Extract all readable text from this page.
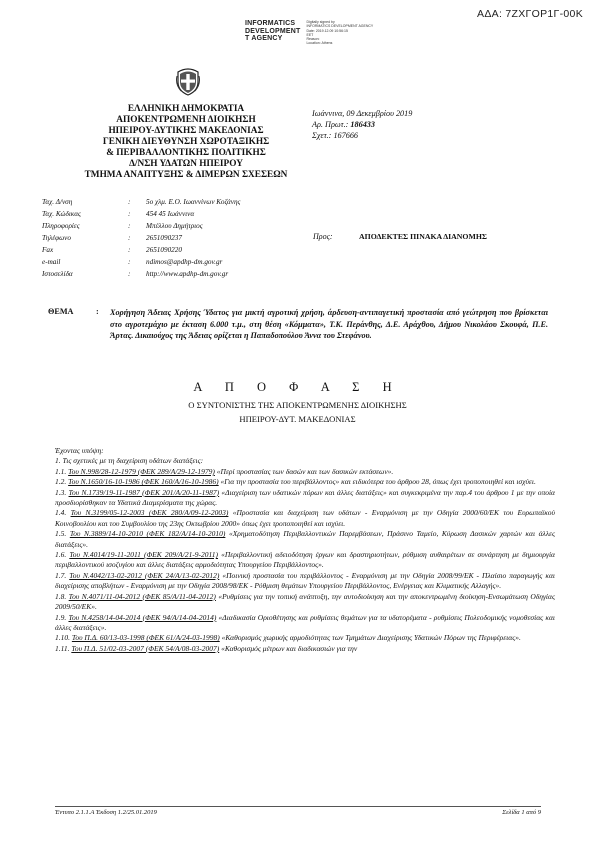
ΑΔΑ: 7ΖΧΓΟΡ1Γ-00Κ
INFORMATICS
DEVELOPMENT
T AGENCY
Digitally signed by
INFORMATICS DEVELOPMENT AGENCY
Date: 2019.12.09 10:56:15
EET
Reason:
Location: Athens
ΕΛΛΗΝΙΚΗ ΔΗΜΟΚΡΑΤΙΑ
ΑΠΟΚΕΝΤΡΩΜΕΝΗ ΔΙΟΙΚΗΣΗ
ΗΠΕΙΡΟΥ-ΔΥΤΙΚΗΣ ΜΑΚΕΔΟΝΙΑΣ
ΓΕΝΙΚΗ ΔΙΕΥΘΥΝΣΗ ΧΩΡΟΤΑΞΙΚΗΣ
& ΠΕΡΙΒΑΛΛΟΝΤΙΚΗΣ ΠΟΛΙΤΙΚΗΣ
Δ/ΝΣΗ ΥΔΑΤΩΝ ΗΠΕΙΡΟΥ
ΤΜΗΜΑ ΑΝΑΠΤΥΞΗΣ & ΔΙΜΕΡΩΝ ΣΧΕΣΕΩΝ
Ιωάννινα, 09 Δεκεμβρίου 2019
Αρ. Πρωτ.: 186433
Σχετ.: 167666
Ταχ. Δ/νση	:	5ο χλμ. Ε.Ο. Ιωαννίνων Κοζάνης
Ταχ. Κώδικας	:	454 45 Ιωάννινα
Πληροφορίες	:	Μπέλλου Δημήτριος
Τηλέφωνο	:	2651090237
Fax	:	2651090220
e-mail	:	ndimos@apdhp-dm.gov.gr
Ιστοσελίδα	:	http://www.apdhp-dm.gov.gr
Προς:	ΑΠΟΔΕΚΤΕΣ ΠΙΝΑΚΑ ΔΙΑΝΟΜΗΣ
ΘΕΜΑ	: Χορήγηση Άδειας Χρήσης Ύδατος για μικτή αγροτική χρήση, άρδευση-αντιπαγετική προστασία από γεώτρηση που βρίσκεται στο αγροτεμάχιο με έκταση 6.000 τ.μ., στη θέση «Κόμματα», Τ.Κ. Περάνθης, Δ.Ε. Αράχθου, Δήμου Νικολάου Σκουφά, Π.Ε. Άρτας. Δικαιούχος της Άδειας ορίζεται η Παπαδοπούλου Άννα του Στεφάνου.
Α Π Ο Φ Α Σ Η
Ο ΣΥΝΤΟΝΙΣΤΗΣ ΤΗΣ ΑΠΟΚΕΝΤΡΩΜΕΝΗΣ ΔΙΟΙΚΗΣΗΣ
ΗΠΕΙΡΟΥ-ΔΥΤ. ΜΑΚΕΔΟΝΙΑΣ

Έχοντας υπόψη:

1. Τις σχετικές με τη διαχείριση υδάτων διατάξεις:

1.1. Του Ν.998/28-12-1979 (ΦΕΚ 289/Α/29-12-1979) «Περί προστασίας των δασών και των δασικών εκτάσεων».

1.2. Του Ν.1650/16-10-1986 (ΦΕΚ 160/Α/16-10-1986) «Για την προστασία του περιβάλλοντος» και ειδικότερα του άρθρου 28, όπως έχει τροποποιηθεί και ισχύει.

1.3. Του Ν.1739/19-11-1987 (ΦΕΚ 201/Α/20-11-1987) «Διαχείριση των υδατικών πόρων και άλλες διατάξεις» και συγκεκριμένα την παρ.4 του άρθρου 1 με την οποία προσδιορίσθηκαν τα Υδατικά Διαμερίσματα της χώρας.

1.4. Του Ν.3199/05-12-2003 (ΦΕΚ 280/Α/09-12-2003) «Προστασία και διαχείριση των υδάτων - Εναρμόνιση με την Οδηγία 2000/60/ΕΚ του Ευρωπαϊκού Κοινοβουλίου και του Συμβουλίου της 23ης Οκτωβρίου 2000» όπως έχει τροποποιηθεί και ισχύει.

1.5. Του Ν.3889/14-10-2010 (ΦΕΚ 182/Α/14-10-2010) «Χρηματοδότηση Περιβαλλοντικών Παρεμβάσεων, Πράσινο Ταμείο, Κύρωση Δασικών χαρτών και άλλες διατάξεις».

1.6. Του Ν.4014/19-11-2011 (ΦΕΚ 209/Α/21-9-2011) «Περιβαλλοντική αδειοδότηση έργων και δραστηριοτήτων, ρύθμιση αυθαιρέτων σε συνάρτηση με δημιουργία περιβαλλοντικού ισοζυγίου και άλλες διατάξεις αρμοδιότητας Υπουργείου Περιβάλλοντος».

1.7. Του Ν.4042/13-02-2012 (ΦΕΚ 24/Α/13-02-2012) «Ποινική προστασία του περιβάλλοντος - Εναρμόνιση με την Οδηγία 2008/99/ΕΚ - Πλαίσιο παραγωγής και διαχείρισης αποβλήτων - Εναρμόνιση με την Οδηγία 2008/98/ΕΚ - Ρύθμιση θεμάτων Υπουργείου Περιβάλλοντος, Ενέργειας και Κλιματικής Αλλαγής».

1.8. Του Ν.4071/11-04-2012 (ΦΕΚ 85/Α/11-04-2012) «Ρυθμίσεις για την τοπική ανάπτυξη, την αυτοδιοίκηση και την αποκεντρωμένη διοίκηση-Ενσωμάτωση Οδηγίας 2009/50/ΕΚ».

1.9. Του Ν.4258/14-04-2014 (ΦΕΚ 94/Α/14-04-2014) «Διαδικασία Οριοθέτησης και ρυθμίσεις θεμάτων για τα υδατορέματα - ρυθμίσεις Πολεοδομικής νομοθεσίας και άλλες διατάξεις».

1.10. Του Π.Δ. 60/13-03-1998 (ΦΕΚ 61/Α/24-03-1998) «Καθορισμός χωρικής αρμοδιότητας των Τμημάτων Διαχείρισης Υδατικών Πόρων της Περιφέρειας».

1.11. Του Π.Δ. 51/02-03-2007 (ΦΕΚ 54/Α/08-03-2007) «Καθορισμός μέτρων και διαδικασιών για την

Έντυπο 2.1.1.Α Έκδοση 1.2/25.01.2019	Σελίδα 1 από 9
